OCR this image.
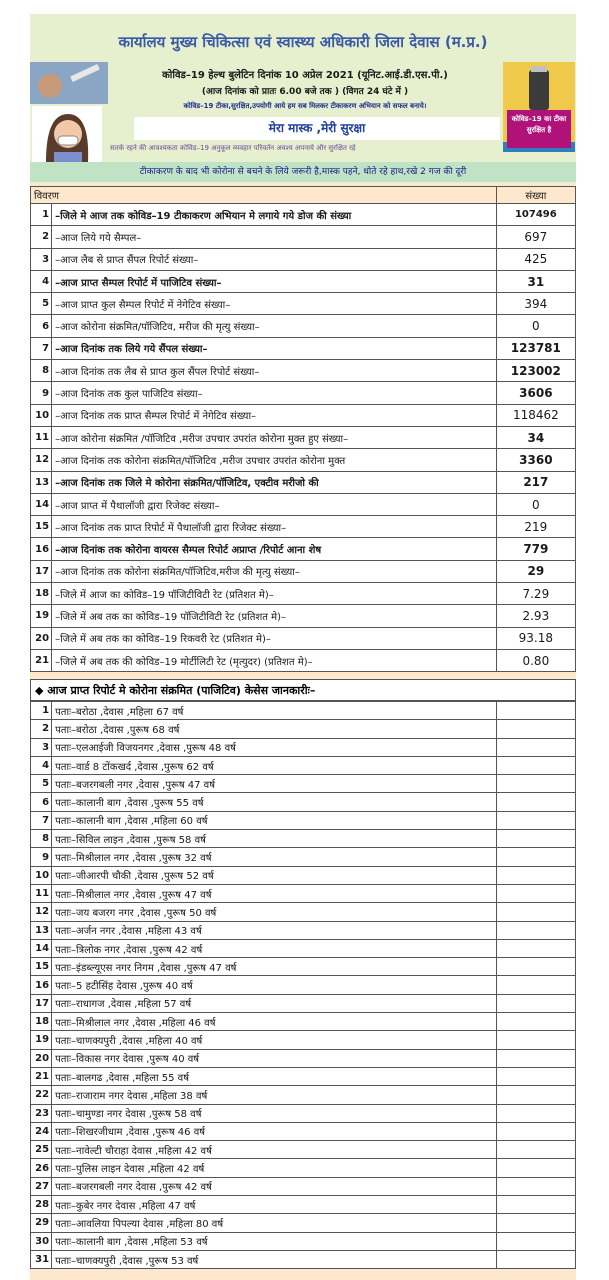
कार्यालय मुख्य चिकित्सा एवं स्वास्थ्य अधिकारी जिला देवास (म.प्र.)
कोविड–19 हेल्थ बुलेटिन दिनांक 10 अप्रेल 2021 (यूनिट.आई.डी.एस.पी.)
(आज दिनांक को प्रातः 6.00 बजे तक ) (विगत 24 घंटे में )
कोविड–19 टीका,सुरक्षित,उपयोगी आये हम सब मिलकर टीकाकरण अभियान को सफल बनाये।
मेरा मास्क ,मेरी सुरक्षा
सतर्क रहने की आवश्यकता कोविड–19 अनुकूल व्यवहार परिवर्तन अवश्य अपनाये और सुरक्षित रहे
कोविड–19 का टीका सुरक्षित है
टीकाकरण के बाद भी कोरोना से बचने के लिये जरूरी है,मास्क पहने, धोते रहे हाथ,रखे 2 गज की दूरी
विवरण		संख्या
1	–जिले मे आज तक कोविड–19 टीकाकरण अभियान मे लगाये गये डोज की संख्या	107496
2	–आज लिये गये सैम्पल–	697
3	–आज लैब से प्राप्त सैंपल रिपोर्ट संख्या–	425
4	–आज प्राप्त सैम्पल रिपोर्ट में पाजिटिव संख्या–	31
5	–आज प्राप्त कुल सैम्पल रिपोर्ट में नेगेटिव संख्या–	394
6	–आज कोरोना संक्रमित/पॉजिटिव, मरीज की मृत्यु संख्या–	0
7	–आज दिनांक तक लिये गये सैंपल संख्या–	123781
8	–आज दिनांक तक लैब से प्राप्त कुल सैंपल रिपोर्ट संख्या–	123002
9	–आज दिनांक तक कुल पाजिटिव संख्या–	3606
10	–आज दिनांक तक प्राप्त सैम्पल रिपोर्ट में नेगेटिव संख्या–	118462
11	–आज कोरोना संक्रमित /पॉजिटिव ,मरीज उपचार उपरांत कोरोना मुक्त हुए संख्या–	34
12	–आज दिनांक तक कोरोना संक्रमित/पॉजिटिव ,मरीज उपचार उपरांत कोरोना मुक्त	3360
13	–आज दिनांक तक जिले मे कोरोना संक्रमित/पॉजिटिव, एक्टीव मरीजो की	217
14	–आज प्राप्त में पैथालॉजी द्वारा रिजेक्ट संख्या–	0
15	–आज दिनांक तक प्राप्त रिपोर्ट में पैथालॉजी द्वारा रिजेक्ट संख्या–	219
16	–आज दिनांक तक कोरोना वायरस सैम्पल रिपोर्ट अप्राप्त /रिपोर्ट आना शेष	779
17	–आज दिनांक तक कोरोना संक्रमित/पॉजिटिव,मरीज की मृत्यु संख्या–	29
18	–जिले में आज का कोविड–19 पॉजिटीविटी रेट (प्रतिशत मे)–	7.29
19	–जिले में अब तक का कोविड–19 पॉजिटीविटी रेट (प्रतिशत मे)–	2.93
20	–जिले में अब तक का कोविड–19 रिकवरी रेट (प्रतिशत मे)–	93.18
21	–जिले में अब तक की कोविड–19 मोर्टीलिटी रेट (मृत्युदर) (प्रतिशत मे)–	0.80
◆ आज प्राप्त रिपोर्ट मे कोरोना संक्रमित (पाजिटिव) केसेस जानकारीः–
1	पताः–बरोठा ,देवास ,महिला 67 वर्ष	
2	पताः–बरोठा ,देवास ,पुरूष 68 वर्ष	
3	पताः–एलआईजी विजयनगर ,देवास ,पुरूष 48 वर्ष	
4	पताः–वार्ड 8 टोंकखर्द ,देवास ,पुरूष 62 वर्ष	
5	पताः–बजरगबली नगर ,देवास ,पुरूष 47 वर्ष	
6	पताः–कालानी बाग ,देवास ,पुरूष 55 वर्ष	
7	पताः–कालानी बाग ,देवास ,महिला 60 वर्ष	
8	पताः–सिविल लाइन ,देवास ,पुरूष 58 वर्ष	
9	पताः–मिश्रीलाल नगर ,देवास ,पुरूष 32 वर्ष	
10	पताः–जीआरपी चौकी ,देवास ,पुरूष 52 वर्ष	
11	पताः–मिश्रीलाल नगर ,देवास ,पुरूष 47 वर्ष	
12	पताः–जय बजरग नगर ,देवास ,पुरूष 50 वर्ष	
13	पताः–अर्जन नगर ,देवास ,महिला 43 वर्ष	
14	पताः–त्रिलोक नगर ,देवास ,पुरूष 42 वर्ष	
15	पताः–इंडब्ल्यूएस नगर निगम ,देवास ,पुरूष 47 वर्ष	
16	पताः–5 हटीसिंह देवास ,पुरूष 40 वर्ष	
17	पताः–राधागज ,देवास ,महिला 57 वर्ष	
18	पताः–मिश्रीलाल नगर ,देवास ,महिला 46 वर्ष	
19	पताः–चाणक्यपुरी ,देवास ,महिला 40 वर्ष	
20	पताः–विकास नगर देवास ,पुरूष 40 वर्ष	
21	पताः–बालगढ ,देवास ,महिला 55 वर्ष	
22	पताः–राजाराम नगर देवास ,महिला 38 वर्ष	
23	पताः–चामुण्डा नगर देवास ,पुरूष 58 वर्ष	
24	पताः–शिखरजीधाम ,देवास ,पुरूष 46 वर्ष	
25	पताः–नावेल्टी चौराहा देवास ,महिला 42 वर्ष	
26	पताः–पुलिस लाइन देवास ,महिला 42 वर्ष	
27	पताः–बजरगबली नगर देवास ,पुरूष 42 वर्ष	
28	पताः–कुबेर नगर देवास ,महिला 47 वर्ष	
29	पताः–आवलिया पिपल्या देवास ,महिला 80 वर्ष	
30	पताः–कालानी बाग ,देवास ,महिला 53 वर्ष	
31	पताः–चाणक्यपुरी ,देवास ,पुरूष 53 वर्ष	
